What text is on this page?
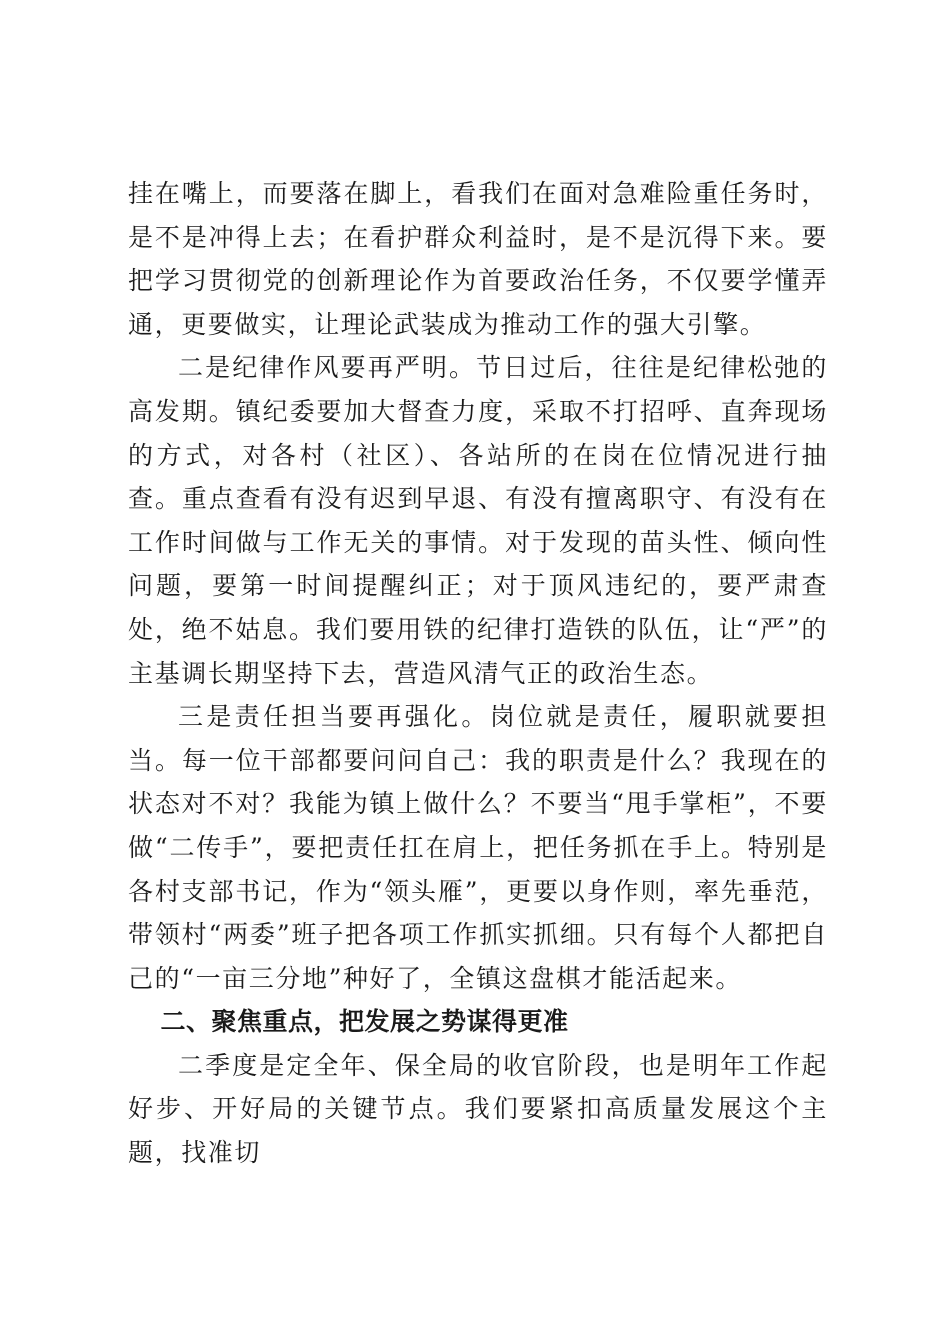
挂在嘴上，而要落在脚上，看我们在面对急难险重任务时，是不是冲得上去；在看护群众利益时，是不是沉得下来。要把学习贯彻党的创新理论作为首要政治任务，不仅要学懂弄通，更要做实，让理论武装成为推动工作的强大引擎。

二是纪律作风要再严明。节日过后，往往是纪律松弛的高发期。镇纪委要加大督查力度，采取不打招呼、直奔现场的方式，对各村（社区）、各站所的在岗在位情况进行抽查。重点查看有没有迟到早退、有没有擅离职守、有没有在工作时间做与工作无关的事情。对于发现的苗头性、倾向性问题，要第一时间提醒纠正；对于顶风违纪的，要严肃查处，绝不姑息。我们要用铁的纪律打造铁的队伍，让“严”的主基调长期坚持下去，营造风清气正的政治生态。

三是责任担当要再强化。岗位就是责任，履职就要担当。每一位干部都要问问自己：我的职责是什么？我现在的状态对不对？我能为镇上做什么？不要当“甩手掌柜”，不要做“二传手”，要把责任扛在肩上，把任务抓在手上。特别是各村支部书记，作为“领头雁”，更要以身作则，率先垂范，带领村“两委”班子把各项工作抓实抓细。只有每个人都把自己的“一亩三分地”种好了，全镇这盘棋才能活起来。

二、聚焦重点，把发展之势谋得更准

二季度是定全年、保全局的收官阶段，也是明年工作起好步、开好局的关键节点。我们要紧扣高质量发展这个主题，找准切
